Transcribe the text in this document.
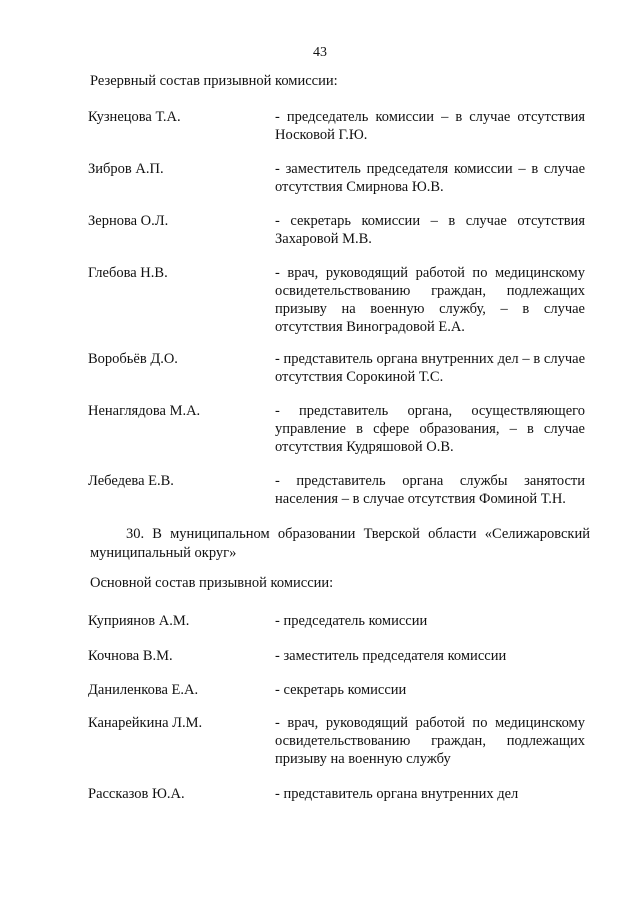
43
Резервный состав призывной комиссии:
Кузнецова Т.А.	- председатель комиссии – в случае отсутствия Носковой Г.Ю.
Зибров А.П.	- заместитель председателя комиссии – в случае отсутствия Смирнова Ю.В.
Зернова О.Л.	- секретарь комиссии – в случае отсутствия Захаровой М.В.
Глебова Н.В.	- врач, руководящий работой по медицинскому освидетельствованию граждан, подлежащих призыву на военную службу, – в случае отсутствия Виноградовой Е.А.
Воробьёв Д.О.	- представитель органа внутренних дел – в случае отсутствия Сорокиной Т.С.
Ненаглядова М.А.	- представитель органа, осуществляющего управление в сфере образования, – в случае отсутствия Кудряшовой О.В.
Лебедева Е.В.	- представитель органа службы занятости населения – в случае отсутствия Фоминой Т.Н.
30. В муниципальном образовании Тверской области «Селижаровский муниципальный округ»
Основной состав призывной комиссии:
Куприянов А.М.	- председатель комиссии
Кочнова В.М.	- заместитель председателя комиссии
Даниленкова Е.А.	- секретарь комиссии
Канарейкина Л.М.	- врач, руководящий работой по медицинскому освидетельствованию граждан, подлежащих призыву на военную службу
Рассказов Ю.А.	- представитель органа внутренних дел
